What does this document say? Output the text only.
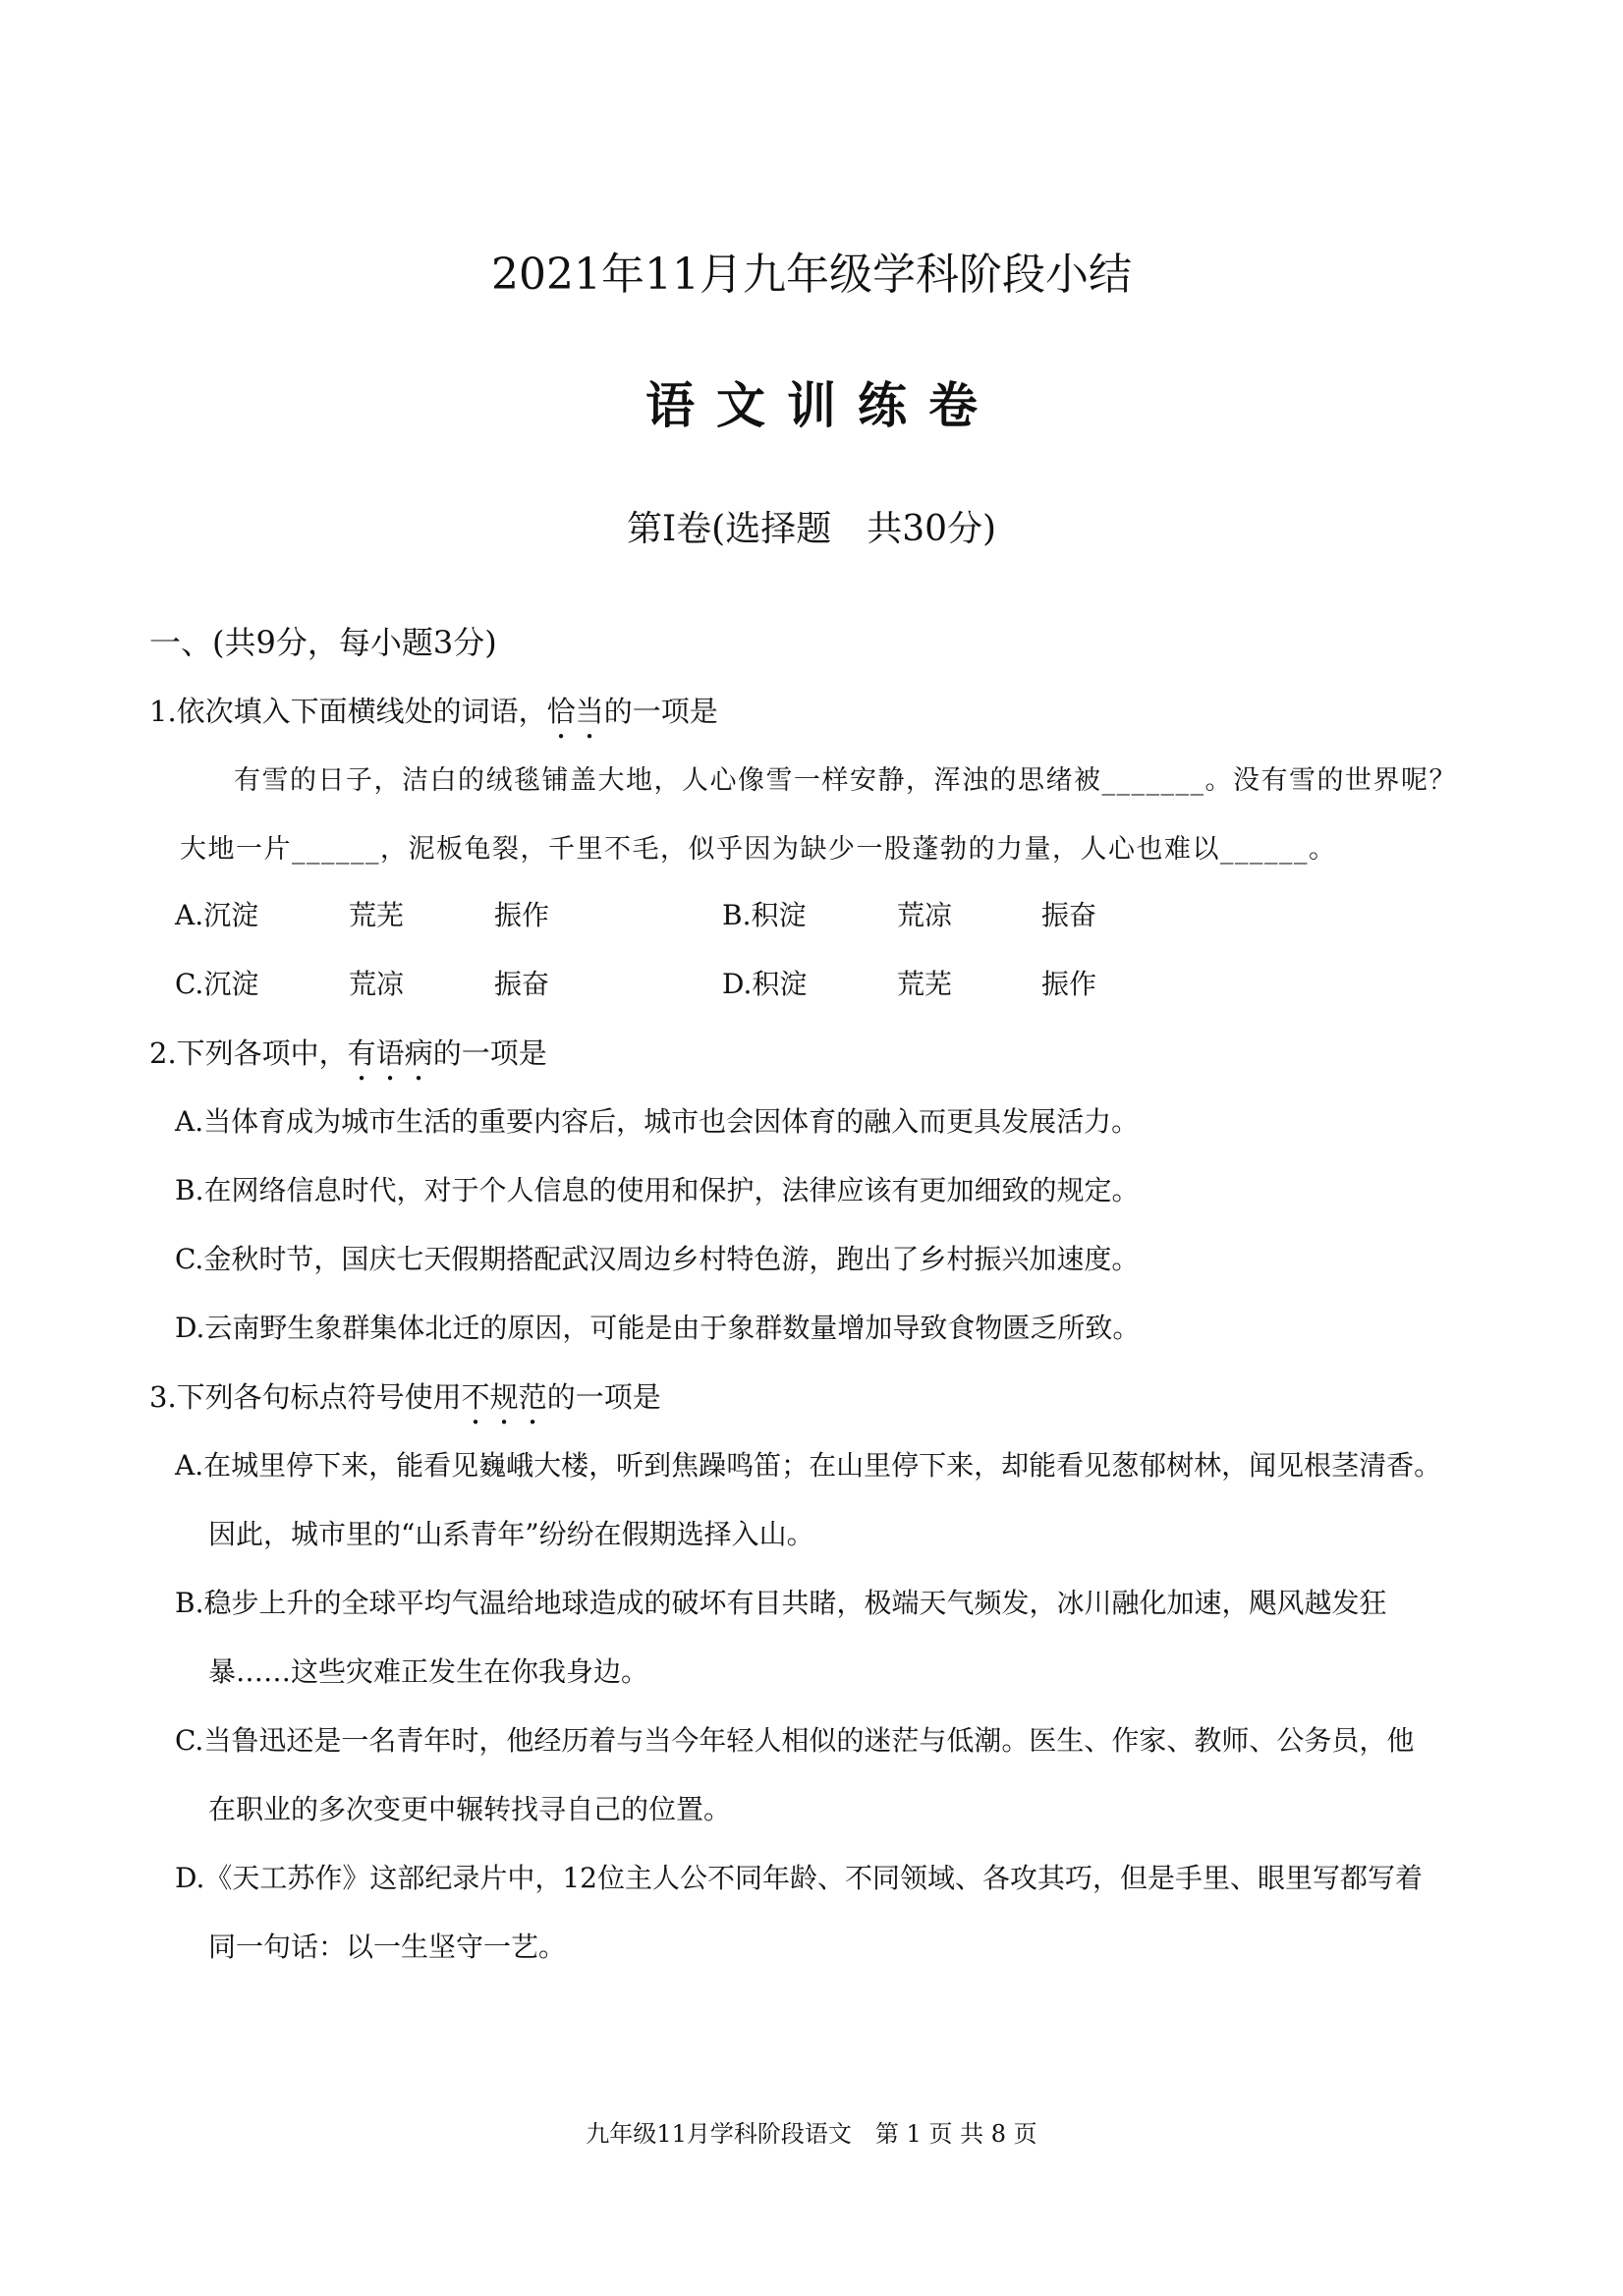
2021年11月九年级学科阶段小结
语文训练卷
第Ⅰ卷(选择题　共30分)
一、(共9分，每小题3分)
1.依次填入下面横线处的词语，恰当的一项是
有雪的日子，洁白的绒毯铺盖大地，人心像雪一样安静，浑浊的思绪被_______。没有雪的世界呢？
大地一片______，泥板龟裂，千里不毛，似乎因为缺少一股蓬勃的力量，人心也难以______。
A.沉淀	荒芜	振作	B.积淀	荒凉	振奋
C.沉淀	荒凉	振奋	D.积淀	荒芜	振作
2.下列各项中，有语病的一项是
A.当体育成为城市生活的重要内容后，城市也会因体育的融入而更具发展活力。
B.在网络信息时代，对于个人信息的使用和保护，法律应该有更加细致的规定。
C.金秋时节，国庆七天假期搭配武汉周边乡村特色游，跑出了乡村振兴加速度。
D.云南野生象群集体北迁的原因，可能是由于象群数量增加导致食物匮乏所致。
3.下列各句标点符号使用不规范的一项是
A.在城里停下来，能看见巍峨大楼，听到焦躁鸣笛；在山里停下来，却能看见葱郁树林，闻见根茎清香。
因此，城市里的“山系青年”纷纷在假期选择入山。
B.稳步上升的全球平均气温给地球造成的破坏有目共睹，极端天气频发，冰川融化加速，飓风越发狂
暴……这些灾难正发生在你我身边。
C.当鲁迅还是一名青年时，他经历着与当今年轻人相似的迷茫与低潮。医生、作家、教师、公务员，他
在职业的多次变更中辗转找寻自己的位置。
D.《天工苏作》这部纪录片中，12位主人公不同年龄、不同领域、各攻其巧，但是手里、眼里写都写着
同一句话：以一生坚守一艺。
九年级11月学科阶段语文　第 1 页 共 8 页
